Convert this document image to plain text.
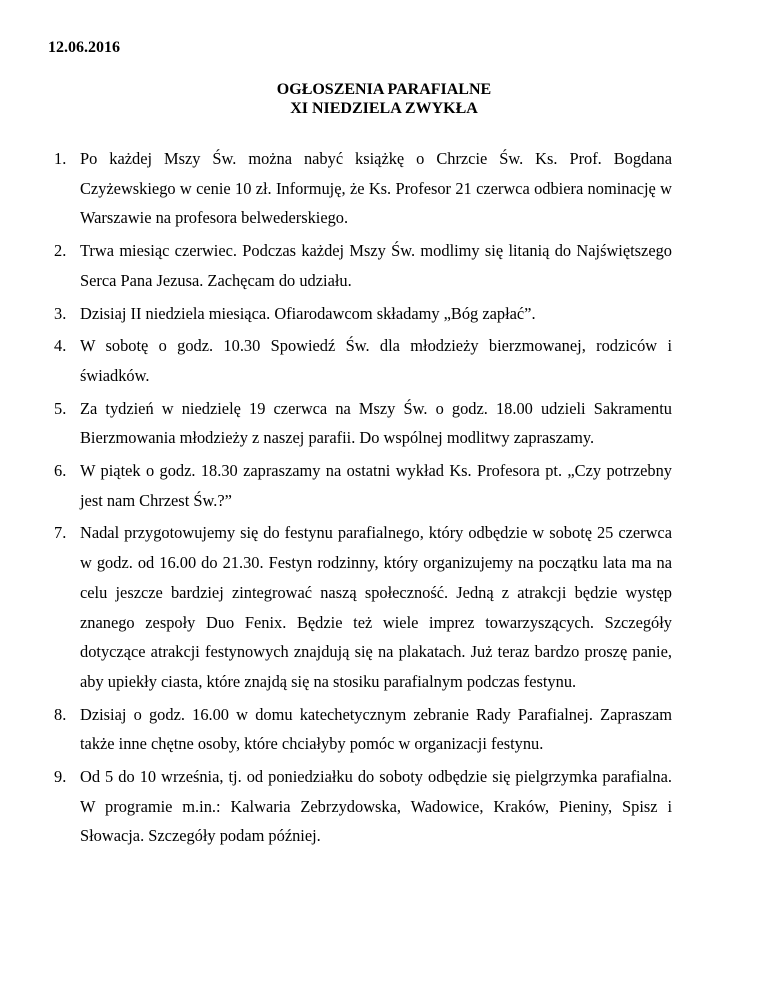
12.06.2016
OGŁOSZENIA PARAFIALNE
XI NIEDZIELA ZWYKŁA
1. Po każdej Mszy Św. można nabyć książkę o Chrzcie Św. Ks. Prof. Bogdana Czyżewskiego w cenie 10 zł. Informuję, że Ks. Profesor 21 czerwca odbiera nominację w Warszawie na profesora belwederskiego.
2. Trwa miesiąc czerwiec. Podczas każdej Mszy Św. modlimy się litanią do Najświętszego Serca Pana Jezusa. Zachęcam do udziału.
3. Dzisiaj II niedziela miesiąca. Ofiarodawcom składamy „Bóg zapłać”.
4. W sobotę o godz. 10.30 Spowiedź Św. dla młodzieży bierzmowanej, rodziców i świadków.
5. Za tydzień w niedzielę 19 czerwca na Mszy Św. o godz. 18.00 udzieli Sakramentu Bierzmowania młodzieży z naszej parafii. Do wspólnej modlitwy zapraszamy.
6. W piątek o godz. 18.30 zapraszamy na ostatni wykład Ks. Profesora pt. „Czy potrzebny jest nam Chrzest Św.?”
7. Nadal przygotowujemy się do festynu parafialnego, który odbędzie w sobotę 25 czerwca w godz. od 16.00 do 21.30. Festyn rodzinny, który organizujemy na początku lata ma na celu jeszcze bardziej zintegrować naszą społeczność. Jedną z atrakcji będzie występ znanego zespoły Duo Fenix. Będzie też wiele imprez towarzyszących. Szczegóły dotyczące atrakcji festynowych znajdują się na plakatach. Już teraz bardzo proszę panie, aby upiekły ciasta, które znajdą się na stosiku parafialnym podczas festynu.
8. Dzisiaj o godz. 16.00 w domu katechetycznym zebranie Rady Parafialnej. Zapraszam także inne chętne osoby, które chciałyby pomóc w organizacji festynu.
9. Od 5 do 10 września, tj. od poniedziałku do soboty odbędzie się pielgrzymka parafialna. W programie m.in.: Kalwaria Zebrzydowska, Wadowice, Kraków, Pieniny, Spisz i Słowacja. Szczegóły podam później.
